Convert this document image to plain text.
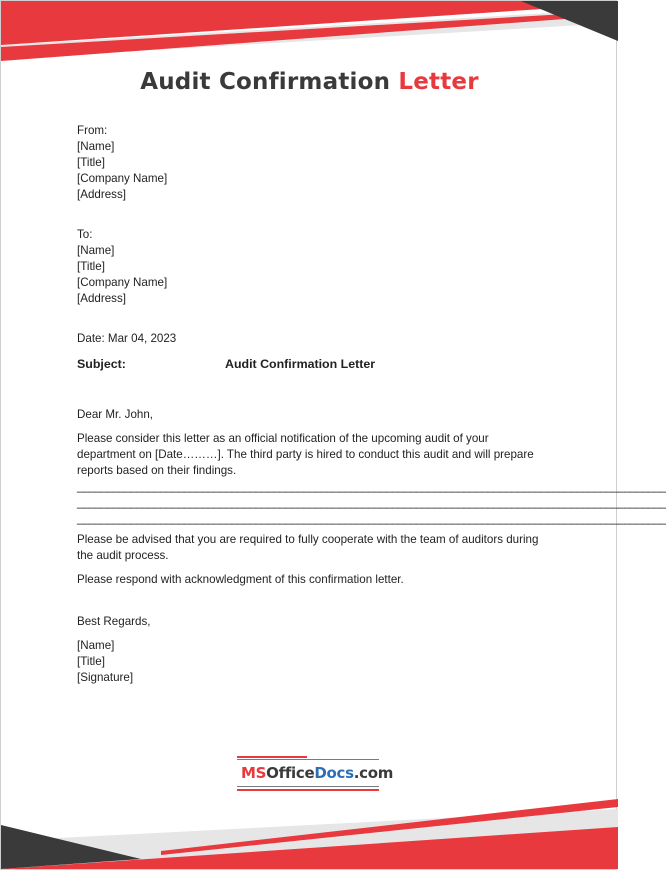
Audit Confirmation Letter
From:
[Name]
[Title]
[Company Name]
[Address]
To:
[Name]
[Title]
[Company Name]
[Address]
Date: Mar 04, 2023
Subject:	Audit Confirmation Letter
Dear Mr. John,
Please consider this letter as an official notification of the upcoming audit of your department on [Date………]. The third party is hired to conduct this audit and will prepare reports based on their findings.
___________________________________________________________________________________________________
___________________________________________________________________________________________________
___________________________________________________________________________________________________
Please be advised that you are required to fully cooperate with the team of auditors during the audit process.
Please respond with acknowledgment of this confirmation letter.
Best Regards,
[Name]
[Title]
[Signature]
MSOfficeDocs.com
